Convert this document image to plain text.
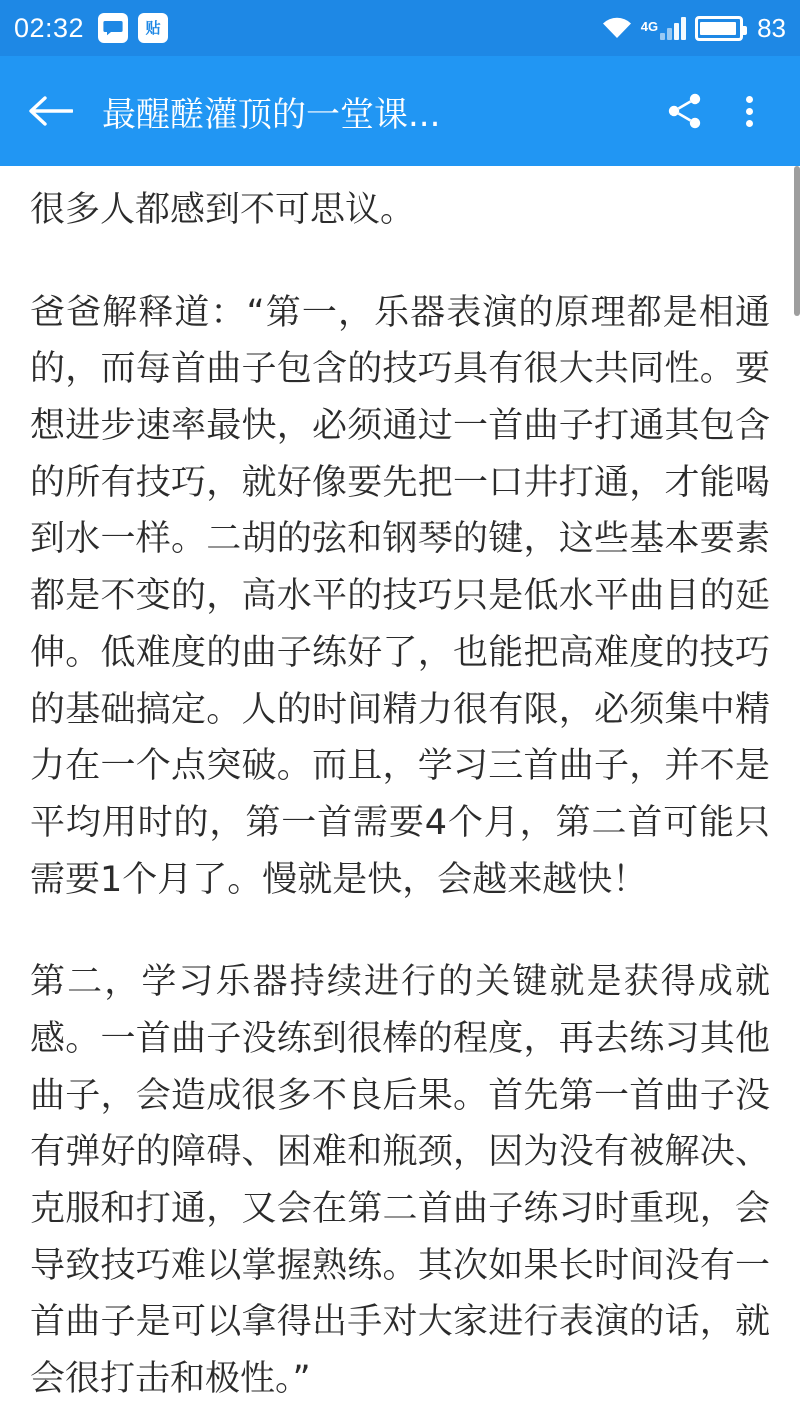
02:32	贴	4G	83
最醒醝灌顶的一堂课...

很多人都感到不可思议。

爸爸解释道：“第一，乐器表演的原理都是相通的，而每首曲子包含的技巧具有很大共同性。要想进步速率最快，必须通过一首曲子打通其包含的所有技巧，就好像要先把一口井打通，才能喝到水一样。二胡的弦和钢琴的键，这些基本要素都是不变的，高水平的技巧只是低水平曲目的延伸。低难度的曲子练好了，也能把高难度的技巧的基础搞定。人的时间精力很有限，必须集中精力在一个点突破。而且，学习三首曲子，并不是平均用时的，第一首需要4个月，第二首可能只需要1个月了。慢就是快，会越来越快！

第二，学习乐器持续进行的关键就是获得成就感。一首曲子没练到很棒的程度，再去练习其他曲子，会造成很多不良后果。首先第一首曲子没有弹好的障碍、困难和瓶颈，因为没有被解决、克服和打通，又会在第二首曲子练习时重现，会导致技巧难以掌握熟练。其次如果长时间没有一首曲子是可以拿得出手对大家进行表演的话，就会很打击和极性。”
